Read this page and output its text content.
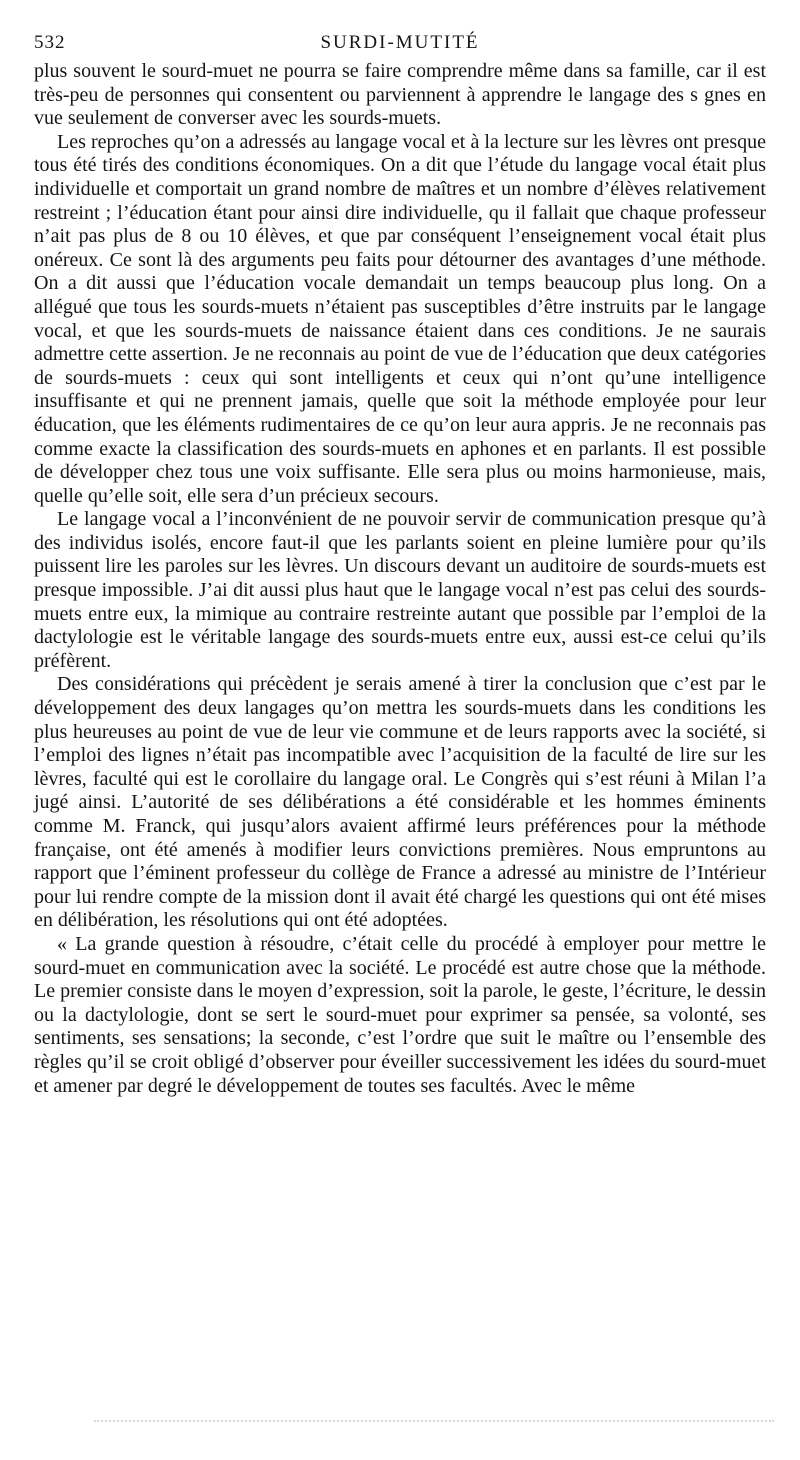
532	SURDI-MUTITÉ

plus souvent le sourd-muet ne pourra se faire comprendre même dans sa famille, car il est très-peu de personnes qui consentent ou parviennent à apprendre le langage des s gnes en vue seulement de converser avec les sourds-muets.

Les reproches qu’on a adressés au langage vocal et à la lecture sur les lèvres ont presque tous été tirés des conditions économiques. On a dit que l’étude du langage vocal était plus individuelle et comportait un grand nombre de maîtres et un nombre d’élèves relativement restreint ; l’éducation étant pour ainsi dire individuelle, qu il fallait que chaque professeur n’ait pas plus de 8 ou 10 élèves, et que par conséquent l’enseignement vocal était plus onéreux. Ce sont là des arguments peu faits pour détourner des avantages d’une méthode. On a dit aussi que l’éducation vocale demandait un temps beaucoup plus long. On a allégué que tous les sourds-muets n’étaient pas susceptibles d’être instruits par le langage vocal, et que les sourds-muets de naissance étaient dans ces conditions. Je ne saurais admettre cette assertion. Je ne reconnais au point de vue de l’éducation que deux catégories de sourds-muets : ceux qui sont intelligents et ceux qui n’ont qu’une intelligence insuffisante et qui ne prennent jamais, quelle que soit la méthode employée pour leur éducation, que les éléments rudimentaires de ce qu’on leur aura appris. Je ne reconnais pas comme exacte la classification des sourds-muets en aphones et en parlants. Il est possible de développer chez tous une voix suffisante. Elle sera plus ou moins harmonieuse, mais, quelle qu’elle soit, elle sera d’un précieux secours.

Le langage vocal a l’inconvénient de ne pouvoir servir de communication presque qu’à des individus isolés, encore faut-il que les parlants soient en pleine lumière pour qu’ils puissent lire les paroles sur les lèvres. Un discours devant un auditoire de sourds-muets est presque impossible. J’ai dit aussi plus haut que le langage vocal n’est pas celui des sourds-muets entre eux, la mimique au contraire restreinte autant que possible par l’emploi de la dactylologie est le véritable langage des sourds-muets entre eux, aussi est-ce celui qu’ils préfèrent.

Des considérations qui précèdent je serais amené à tirer la conclusion que c’est par le développement des deux langages qu’on mettra les sourds-muets dans les conditions les plus heureuses au point de vue de leur vie commune et de leurs rapports avec la société, si l’emploi des lignes n’était pas incompatible avec l’acquisition de la faculté de lire sur les lèvres, faculté qui est le corollaire du langage oral. Le Congrès qui s’est réuni à Milan l’a jugé ainsi. L’autorité de ses délibérations a été considérable et les hommes éminents comme M. Franck, qui jusqu’alors avaient affirmé leurs préférences pour la méthode française, ont été amenés à modifier leurs convictions premières. Nous empruntons au rapport que l’éminent professeur du collège de France a adressé au ministre de l’Intérieur pour lui rendre compte de la mission dont il avait été chargé les questions qui ont été mises en délibération, les résolutions qui ont été adoptées.

« La grande question à résoudre, c’était celle du procédé à employer pour mettre le sourd-muet en communication avec la société. Le procédé est autre chose que la méthode. Le premier consiste dans le moyen d’expression, soit la parole, le geste, l’écriture, le dessin ou la dactylologie, dont se sert le sourd-muet pour exprimer sa pensée, sa volonté, ses sentiments, ses sensations; la seconde, c’est l’ordre que suit le maître ou l’ensemble des règles qu’il se croit obligé d’observer pour éveiller successivement les idées du sourd-muet et amener par degré le développement de toutes ses facultés. Avec le même
